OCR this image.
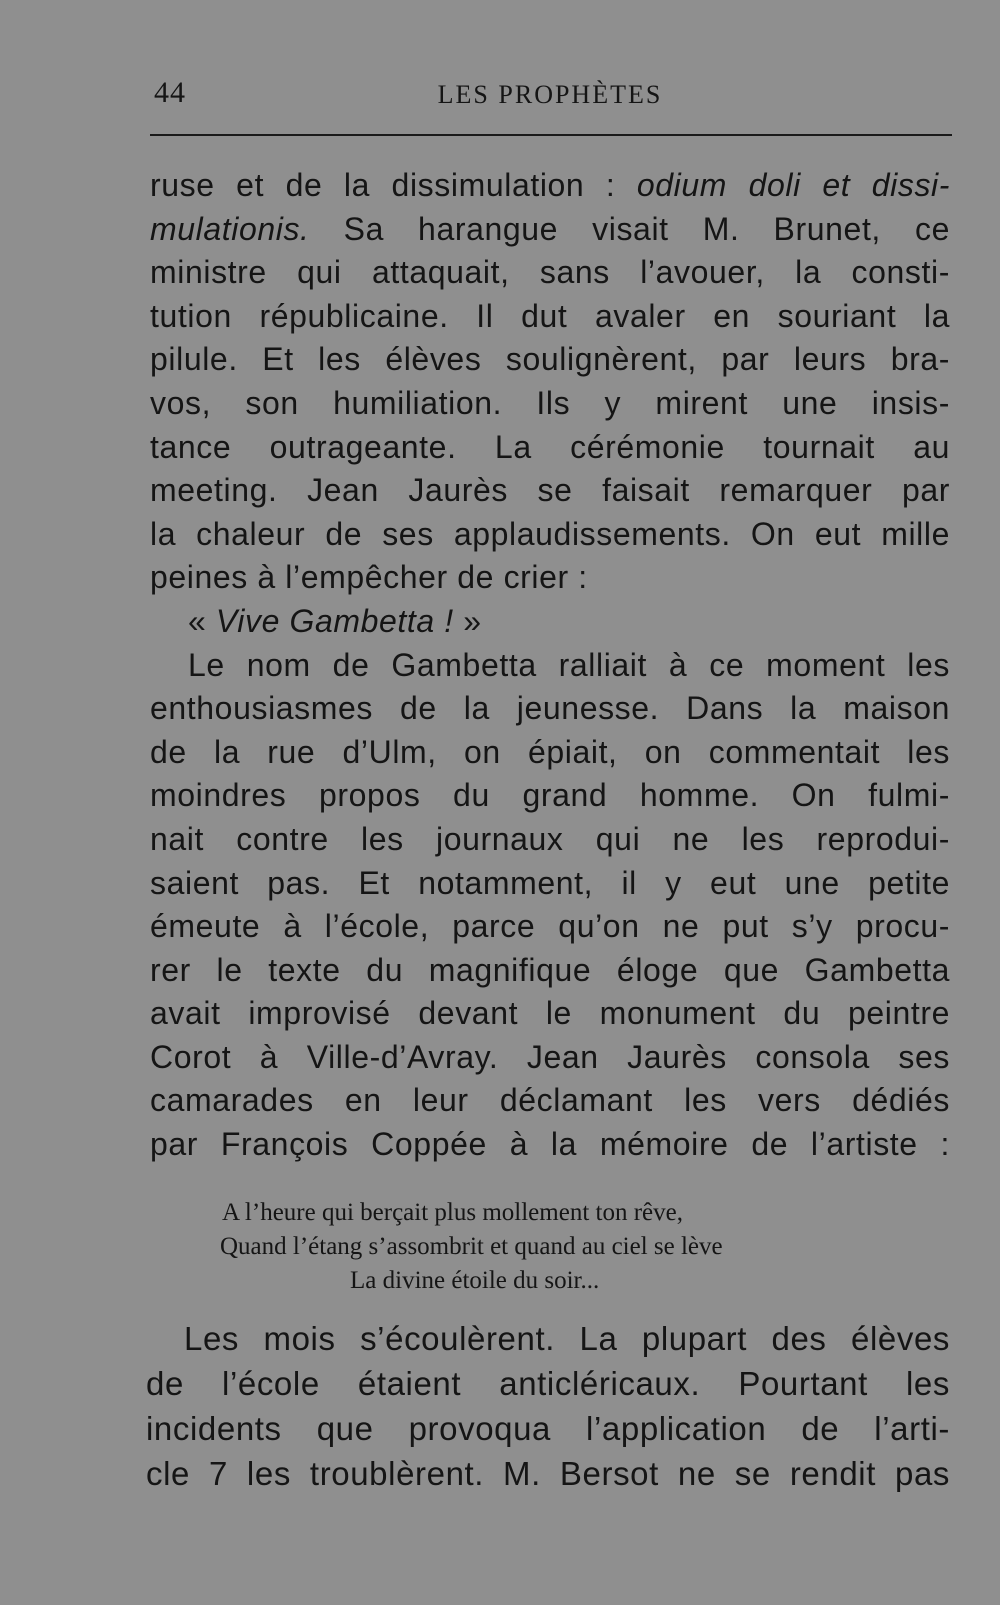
44	LES PROPHÈTES
ruse et de la dissimulation : odium doli et dissi-
mulationis. Sa harangue visait M. Brunet, ce
ministre qui attaquait, sans l’avouer, la consti-
tution républicaine. Il dut avaler en souriant la
pilule. Et les élèves soulignèrent, par leurs bra-
vos, son humiliation. Ils y mirent une insis-
tance outrageante. La cérémonie tournait au
meeting. Jean Jaurès se faisait remarquer par
la chaleur de ses applaudissements. On eut mille
peines à l’empêcher de crier :
« Vive Gambetta ! »
Le nom de Gambetta ralliait à ce moment les
enthousiasmes de la jeunesse. Dans la maison
de la rue d’Ulm, on épiait, on commentait les
moindres propos du grand homme. On fulmi-
nait contre les journaux qui ne les reprodui-
saient pas. Et notamment, il y eut une petite
émeute à l’école, parce qu’on ne put s’y procu-
rer le texte du magnifique éloge que Gambetta
avait improvisé devant le monument du peintre
Corot à Ville-d’Avray. Jean Jaurès consola ses
camarades en leur déclamant les vers dédiés
par François Coppée à la mémoire de l’artiste :
A l’heure qui berçait plus mollement ton rêve,
Quand l’étang s’assombrit et quand au ciel se lève
La divine étoile du soir...
Les mois s’écoulèrent. La plupart des élèves
de l’école étaient anticléricaux. Pourtant les
incidents que provoqua l’application de l’arti-
cle 7 les troublèrent. M. Bersot ne se rendit pas
